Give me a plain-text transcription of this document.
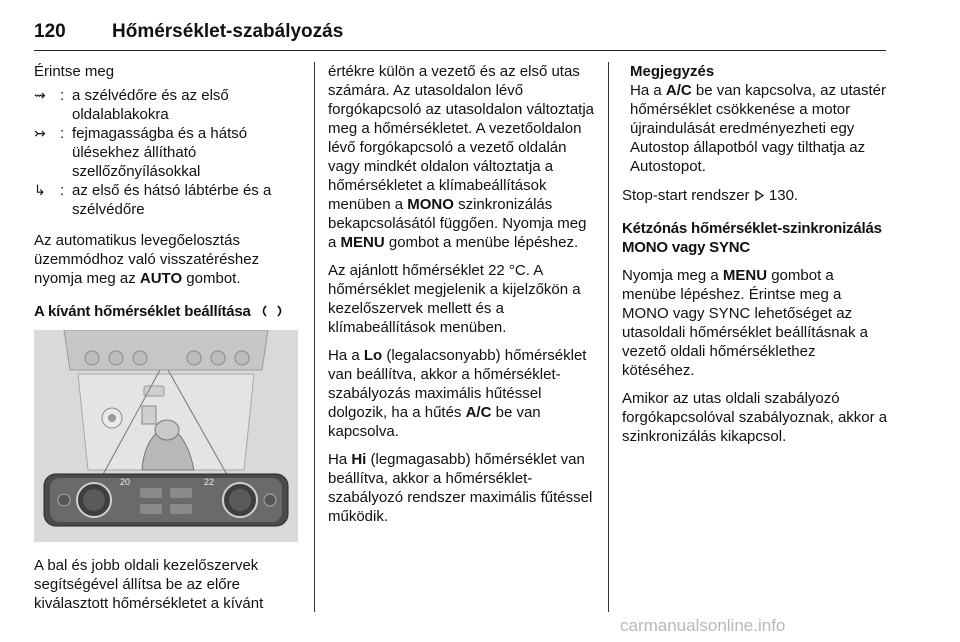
120 Hőmérséklet-szabályozás

Érintse meg

⇝ : a szélvédőre és az első oldalablakokra
↣ : fejmagasságba és a hátsó ülésekhez állítható szellőzőnyílásokkal
↳ : az első és hátsó lábtérbe és a szélvédőre

Az automatikus levegőelosztás üzemmódhoz való visszatéréshez nyomja meg az AUTO gombot.

A kívánt hőmérséklet beállítása
20	22

A bal és jobb oldali kezelőszervek segítségével állítsa be az előre kiválasztott hőmérsékletet a kívánt

értékre külön a vezető és az első utas számára. Az utasoldalon lévő forgókapcsoló az utasoldalon változtatja meg a hőmérsékletet. A vezetőoldalon lévő forgókapcsoló a vezető oldalán vagy mindkét oldalon változtatja a hőmérsékletet a klímabeállítások menüben a MONO szinkronizálás bekapcsolásától függően. Nyomja meg a MENU gombot a menübe lépéshez.

Az ajánlott hőmérséklet 22 °C. A hőmérséklet megjelenik a kijelzőkön a kezelőszervek mellett és a klímabeállítások menüben.

Ha a Lo (legalacsonyabb) hőmérséklet van beállítva, akkor a hőmérséklet-szabályozás maximális hűtéssel dolgozik, ha a hűtés A/C be van kapcsolva.

Ha Hi (legmagasabb) hőmérséklet van beállítva, akkor a hőmérséklet-szabályozó rendszer maximális fűtéssel működik.

Megjegyzés
Ha a A/C be van kapcsolva, az utastér hőmérséklet csökkenése a motor újraindulását eredményezheti egy Autostop állapotból vagy tilthatja az Autostopot.

Stop-start rendszer 130.

Kétzónás hőmérséklet-szinkronizálás MONO vagy SYNC

Nyomja meg a MENU gombot a menübe lépéshez. Érintse meg a MONO vagy SYNC lehetőséget az utasoldali hőmérséklet beállításnak a vezető oldali hőmérséklethez kötéséhez.

Amikor az utas oldali szabályozó forgókapcsolóval szabályoznak, akkor a szinkronizálás kikapcsol.

carmanualsonline.info
